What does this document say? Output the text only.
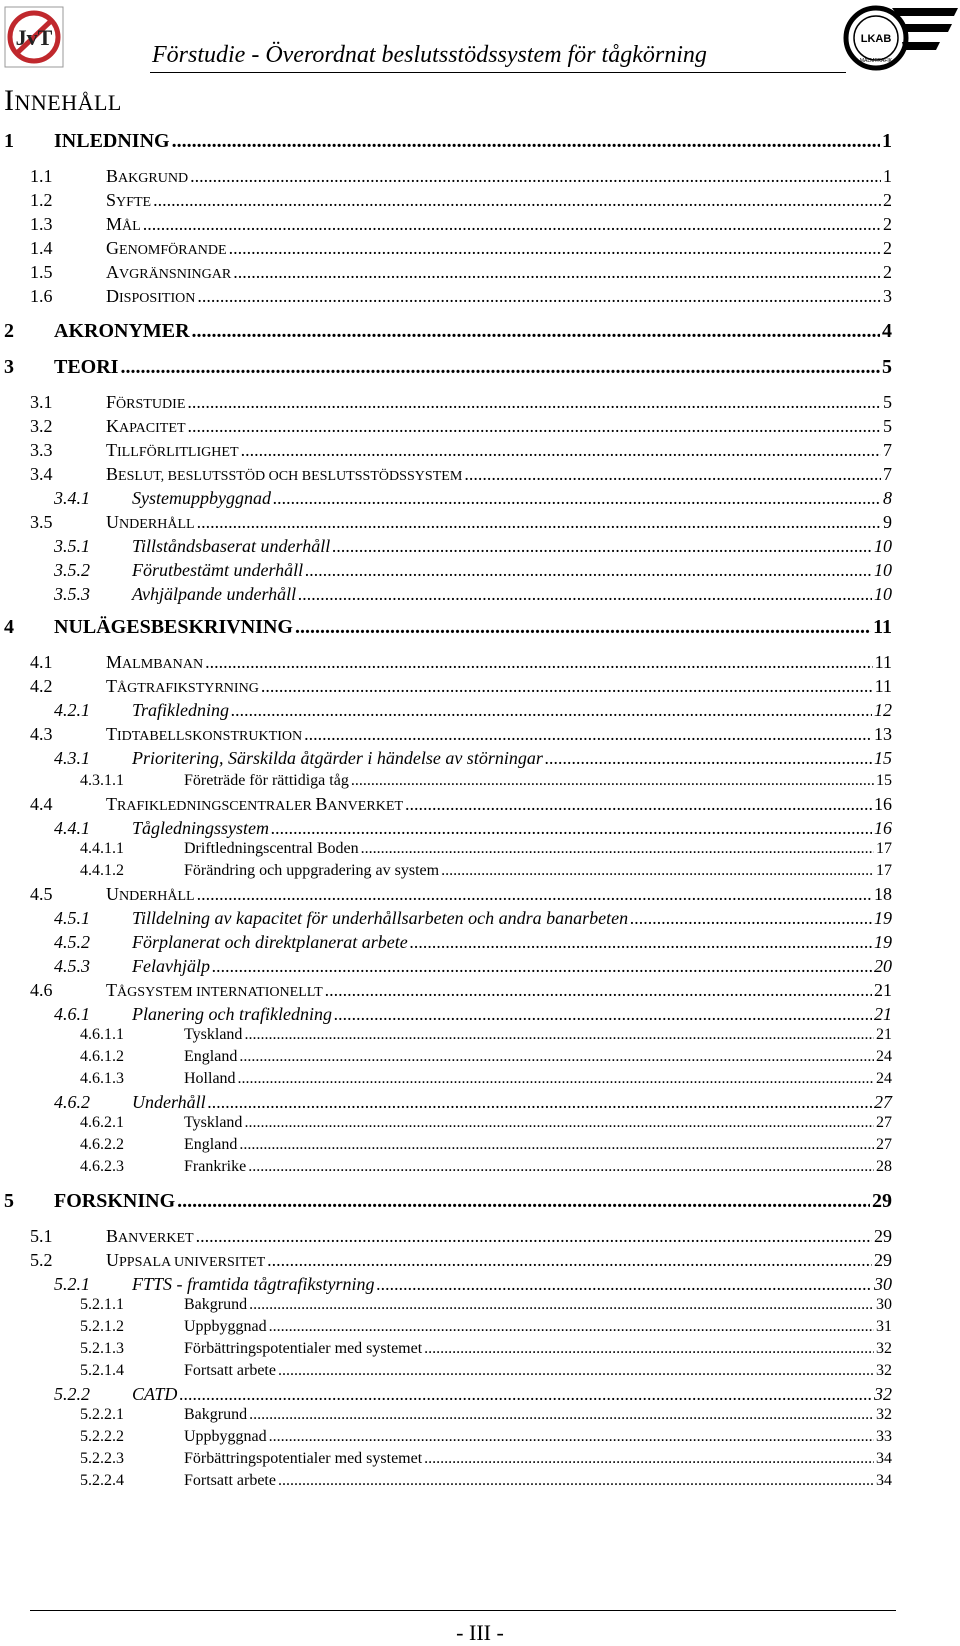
JvT
Förstudie - Överordnat beslutsstödssystem för tågkörning
LKAB
MALMTRAFIK
INNEHÅLL
1 INLEDNING .....	1
1.1	BAKGRUND .....	1
1.2	SYFTE .....	2
1.3	MÅL .....	2
1.4	GENOMFÖRANDE .....	2
1.5	AVGRÄNSNINGAR .....	2
1.6	DISPOSITION .....	3
2 AKRONYMER .....	4
3 TEORI .....	5
3.1	FÖRSTUDIE .....	5
3.2	KAPACITET .....	5
3.3	TILLFÖRLITLIGHET .....	7
3.4	BESLUT, BESLUTSSTÖD OCH BESLUTSSTÖDSSYSTEM .....	7
3.4.1 Systemuppbyggnad .....	8
3.5	UNDERHÅLL .....	9
3.5.1 Tillståndsbaserat underhåll .....	10
3.5.2 Förutbestämt underhåll .....	10
3.5.3 Avhjälpande underhåll .....	10
4 NULÄGESBESKRIVNING .....	11
4.1	MALMBANAN .....	11
4.2	TÅGTRAFIKSTYRNING .....	11
4.2.1 Trafikledning .....	12
4.3	TIDTABELLSKONSTRUKTION .....	13
4.3.1 Prioritering, Särskilda åtgärder i händelse av störningar .....	15
4.3.1.1	Företräde för rättidiga tåg .....	15
4.4	TRAFIKLEDNINGSCENTRALER BANVERKET .....	16
4.4.1 Tågledningssystem .....	16
4.4.1.1	Driftledningscentral Boden .....	17
4.4.1.2	Förändring och uppgradering av system .....	17
4.5	UNDERHÅLL .....	18
4.5.1 Tilldelning av kapacitet för underhållsarbeten och andra banarbeten .....	19
4.5.2 Förplanerat och direktplanerat arbete .....	19
4.5.3 Felavhjälp .....	20
4.6	TÅGSYSTEM INTERNATIONELLT .....	21
4.6.1 Planering och trafikledning .....	21
4.6.1.1	Tyskland .....	21
4.6.1.2	England .....	24
4.6.1.3	Holland .....	24
4.6.2 Underhåll .....	27
4.6.2.1	Tyskland .....	27
4.6.2.2	England .....	27
4.6.2.3	Frankrike .....	28
5 FORSKNING .....	29
5.1	BANVERKET .....	29
5.2	UPPSALA UNIVERSITET .....	29
5.2.1 FTTS - framtida tågtrafikstyrning .....	30
5.2.1.1	Bakgrund .....	30
5.2.1.2	Uppbyggnad .....	31
5.2.1.3	Förbättringspotentialer med systemet .....	32
5.2.1.4	Fortsatt arbete .....	32
5.2.2 CATD .....	32
5.2.2.1	Bakgrund .....	32
5.2.2.2	Uppbyggnad .....	33
5.2.2.3	Förbättringspotentialer med systemet .....	34
5.2.2.4	Fortsatt arbete .....	34
- III -
